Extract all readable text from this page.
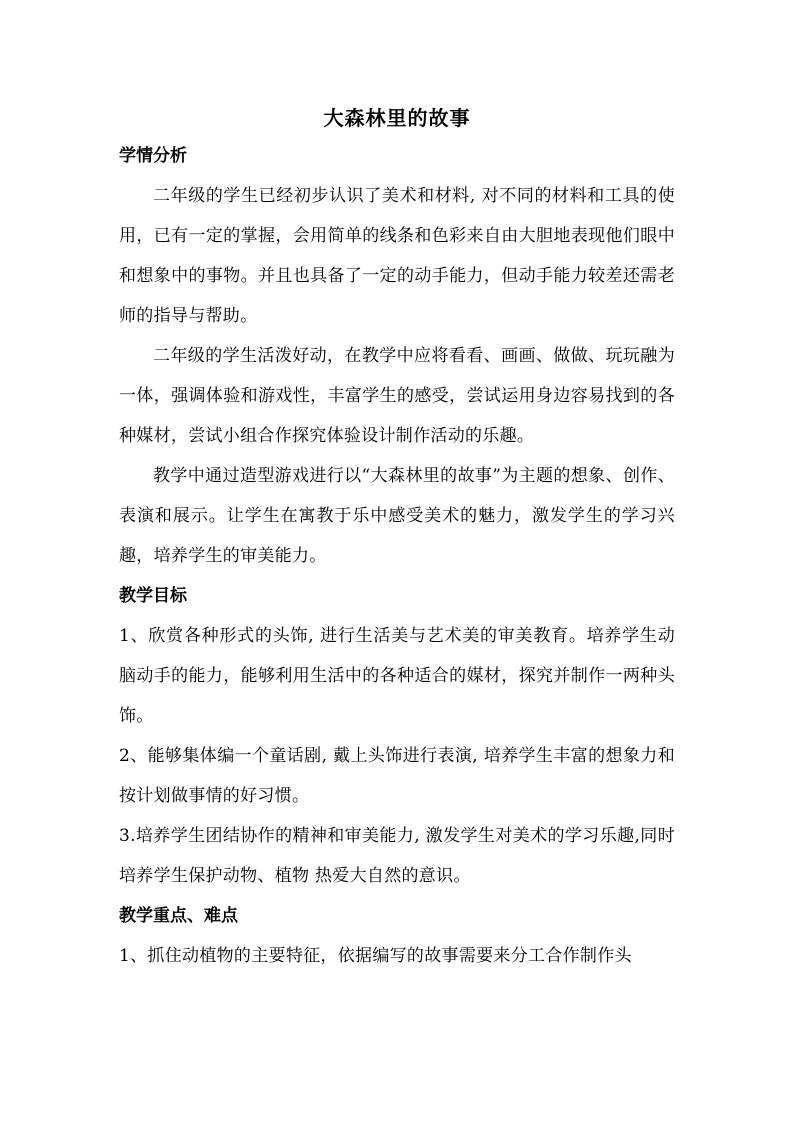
大森林里的故事
学情分析

二年级的学生已经初步认识了美术和材料, 对不同的材料和工具的使用，已有一定的掌握，会用简单的线条和色彩来自由大胆地表现他们眼中和想象中的事物。并且也具备了一定的动手能力，但动手能力较差还需老师的指导与帮助。

二年级的学生活泼好动，在教学中应将看看、画画、做做、玩玩融为一体，强调体验和游戏性，丰富学生的感受，尝试运用身边容易找到的各种媒材，尝试小组合作探究体验设计制作活动的乐趣。

教学中通过造型游戏进行以“大森林里的故事”为主题的想象、创作、表演和展示。让学生在寓教于乐中感受美术的魅力，激发学生的学习兴趣，培养学生的审美能力。

教学目标

1、欣赏各种形式的头饰, 进行生活美与艺术美的审美教育。培养学生动脑动手的能力，能够利用生活中的各种适合的媒材，探究并制作一两种头饰。

2、能够集体编一个童话剧, 戴上头饰进行表演, 培养学生丰富的想象力和按计划做事情的好习惯。

3.培养学生团结协作的精神和审美能力, 激发学生对美术的学习乐趣,同时培养学生保护动物、植物 热爱大自然的意识。

教学重点、难点

1、抓住动植物的主要特征，依据编写的故事需要来分工合作制作头
